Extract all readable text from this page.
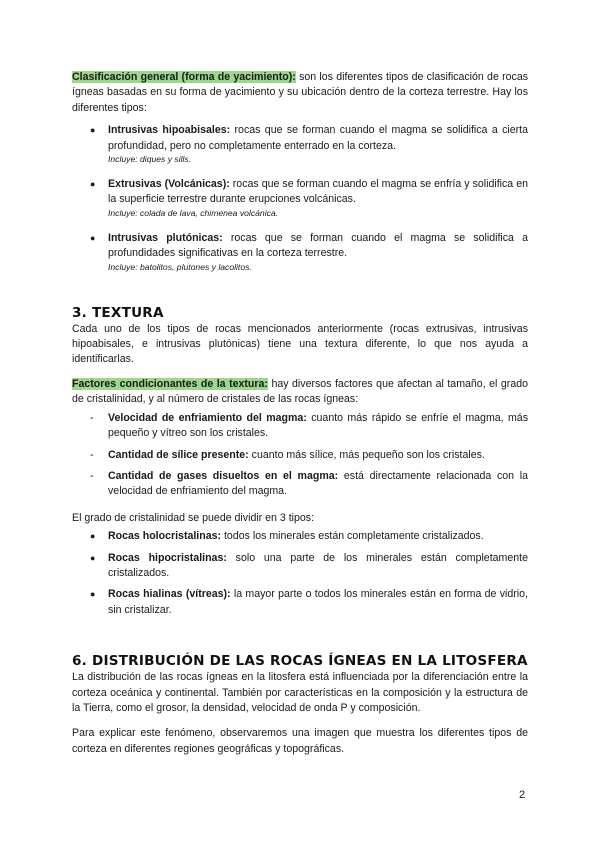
Clasificación general (forma de yacimiento): son los diferentes tipos de clasificación de rocas ígneas basadas en su forma de yacimiento y su ubicación dentro de la corteza terrestre. Hay los diferentes tipos:

● Intrusivas hipoabisales: rocas que se forman cuando el magma se solidifica a cierta profundidad, pero no completamente enterrado en la corteza.
Incluye: diques y sills.
● Extrusivas (Volcánicas): rocas que se forman cuando el magma se enfría y solidifica en la superficie terrestre durante erupciones volcánicas.
Incluye: colada de lava, chimenea volcánica.
● Intrusivas plutónicas: rocas que se forman cuando el magma se solidifica a profundidades significativas en la corteza terrestre.
Incluye: batolitos, plutones y lacolitos.
3. TEXTURA

Cada uno de los tipos de rocas mencionados anteriormente (rocas extrusivas, intrusivas hipoabisales, e intrusivas plutónicas) tiene una textura diferente, lo que nos ayuda a identificarlas.

Factores condicionantes de la textura: hay diversos factores que afectan al tamaño, el grado de cristalinidad, y al número de cristales de las rocas ígneas:

- Velocidad de enfriamiento del magma: cuanto más rápido se enfríe el magma, más pequeño y vítreo son los cristales.
- Cantidad de sílice presente: cuanto más sílice, más pequeño son los cristales.
- Cantidad de gases disueltos en el magma: está directamente relacionada con la velocidad de enfriamiento del magma.

El grado de cristalinidad se puede dividir en 3 tipos:

● Rocas holocristalinas: todos los minerales están completamente cristalizados.
● Rocas hipocristalinas: solo una parte de los minerales están completamente cristalizados.
● Rocas hialinas (vítreas): la mayor parte o todos los minerales están en forma de vidrio, sin cristalizar.
6. DISTRIBUCIÓN DE LAS ROCAS ÍGNEAS EN LA LITOSFERA

La distribución de las rocas ígneas en la litosfera está influenciada por la diferenciación entre la corteza oceánica y continental. También por características en la composición y la estructura de la Tierra, como el grosor, la densidad, velocidad de onda P y composición.

Para explicar este fenómeno, observaremos una imagen que muestra los diferentes tipos de corteza en diferentes regiones geográficas y topográficas.

2
